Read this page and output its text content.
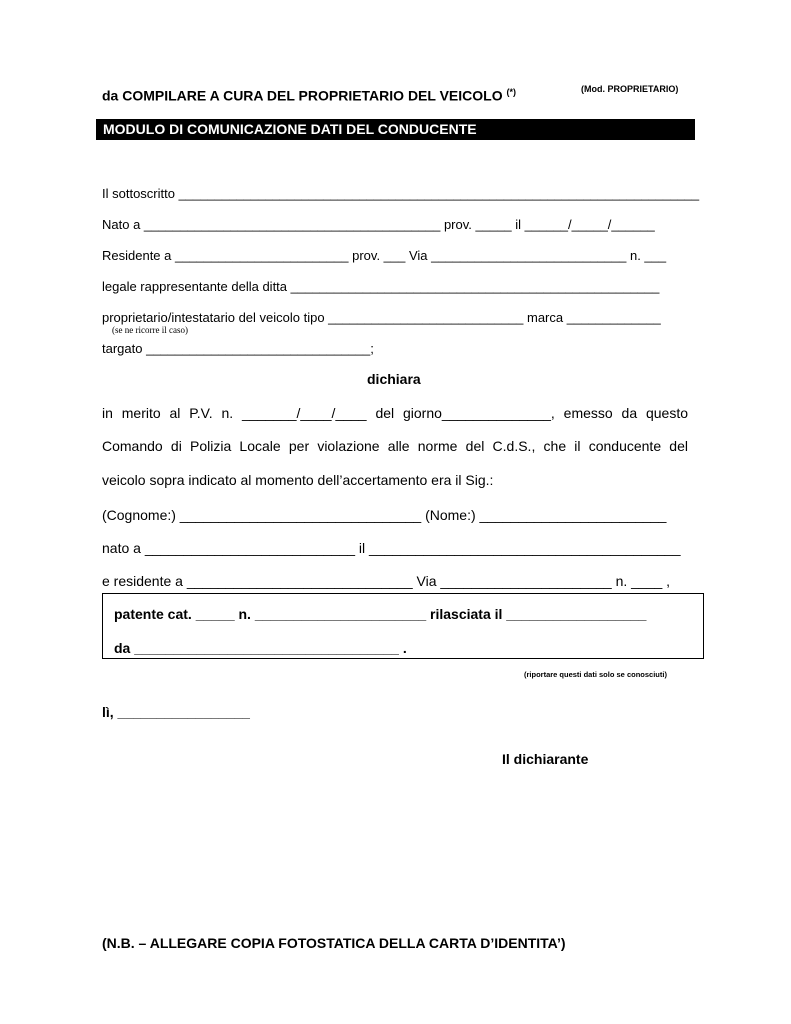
da COMPILARE A CURA DEL PROPRIETARIO DEL VEICOLO (*)	(Mod. PROPRIETARIO)
MODULO DI COMUNICAZIONE DATI DEL CONDUCENTE
Il sottoscritto ________________________________________________________________________
Nato a _________________________________________ prov. _____ il ______/_____/______
Residente a ________________________ prov. ___ Via ___________________________ n. ___
legale rappresentante della ditta ___________________________________________________
proprietario/intestatario del veicolo tipo ___________________________ marca _____________
(se ne ricorre il caso)
targato _______________________________;
dichiara
in merito al P.V. n. _______/____/____ del giorno______________, emesso da questo
Comando di Polizia Locale per violazione alle norme del C.d.S., che il conducente del
veicolo sopra indicato al momento dell’accertamento era il Sig.:
(Cognome:) _______________________________ (Nome:) ________________________
nato a ___________________________ il ________________________________________
e residente a _____________________________ Via ______________________ n. ____ ,
patente cat. _____ n. ______________________ rilasciata il __________________
da __________________________________ .
(riportare questi dati solo se conosciuti)
lì, _________________
Il dichiarante
(N.B. – ALLEGARE COPIA FOTOSTATICA DELLA CARTA D’IDENTITA’)
